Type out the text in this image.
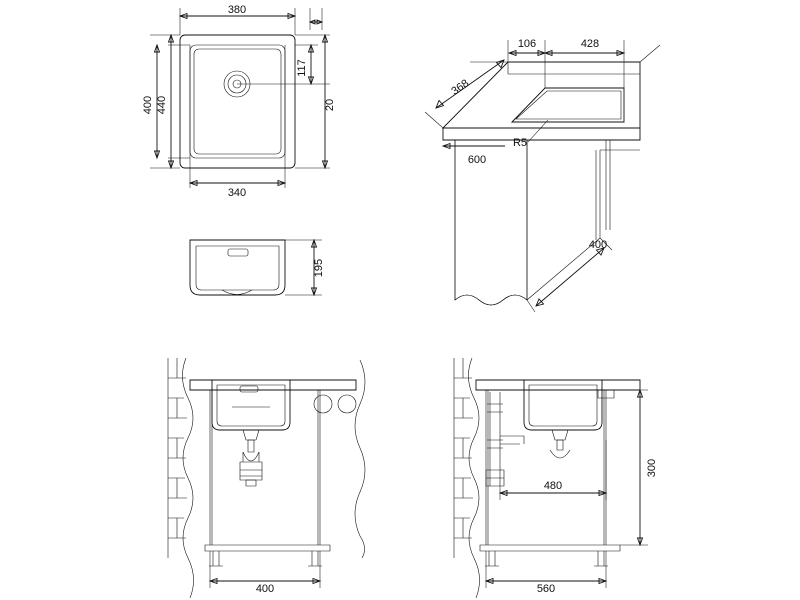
380
340
440
400
117
20
195
368
106	428
600
R5
400
400	560
480
300
